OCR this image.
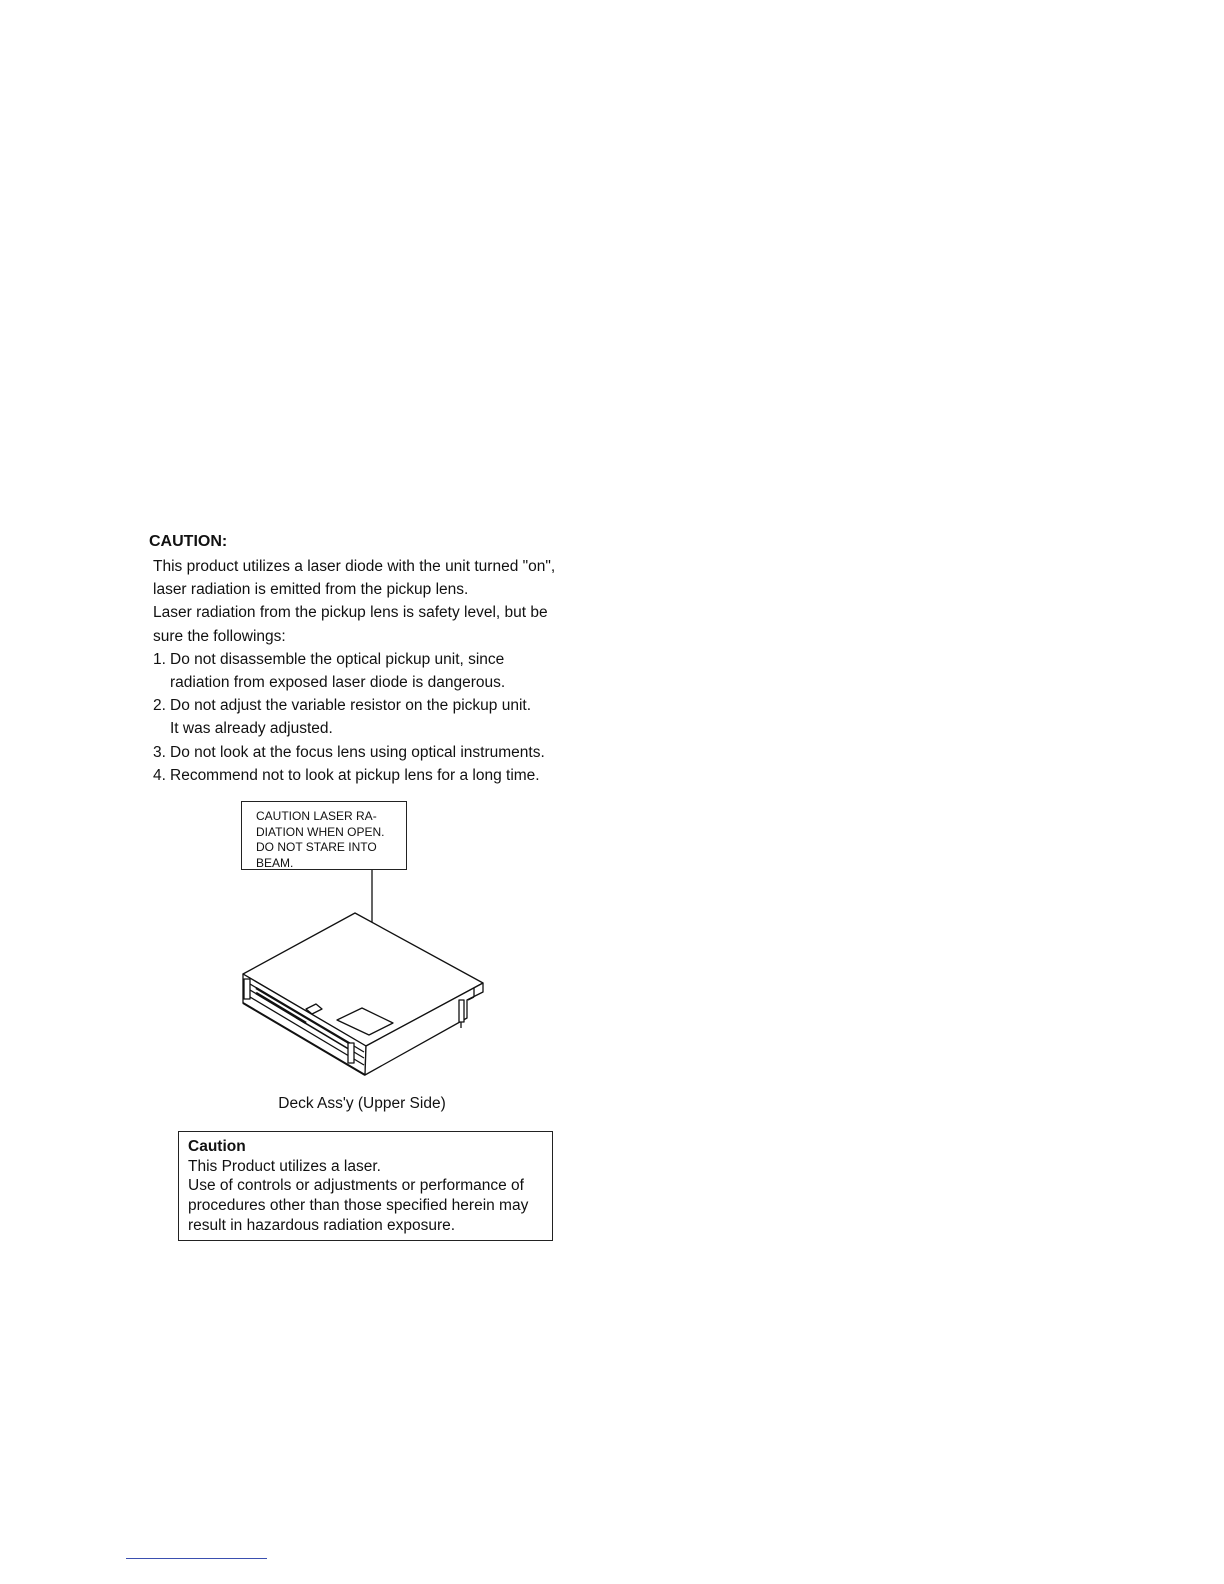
CAUTION:

This product utilizes a laser diode with the unit turned "on",

laser radiation is emitted from the pickup lens.

Laser radiation from the pickup lens is safety level, but be

sure the followings:

1. Do not disassemble the optical pickup unit, since
radiation from exposed laser diode is dangerous.
2. Do not adjust the variable resistor on the pickup unit.
It was already adjusted.
3. Do not look at the focus lens using optical instruments.
4. Recommend not to look at pickup lens for a long time.
CAUTION LASER RA-
DIATION WHEN OPEN.
DO NOT STARE INTO
BEAM.
Deck Ass'y (Upper Side)
Caution
This Product utilizes a laser.
Use of controls or adjustments or performance of
procedures other than those specified herein may
result in hazardous radiation exposure.
